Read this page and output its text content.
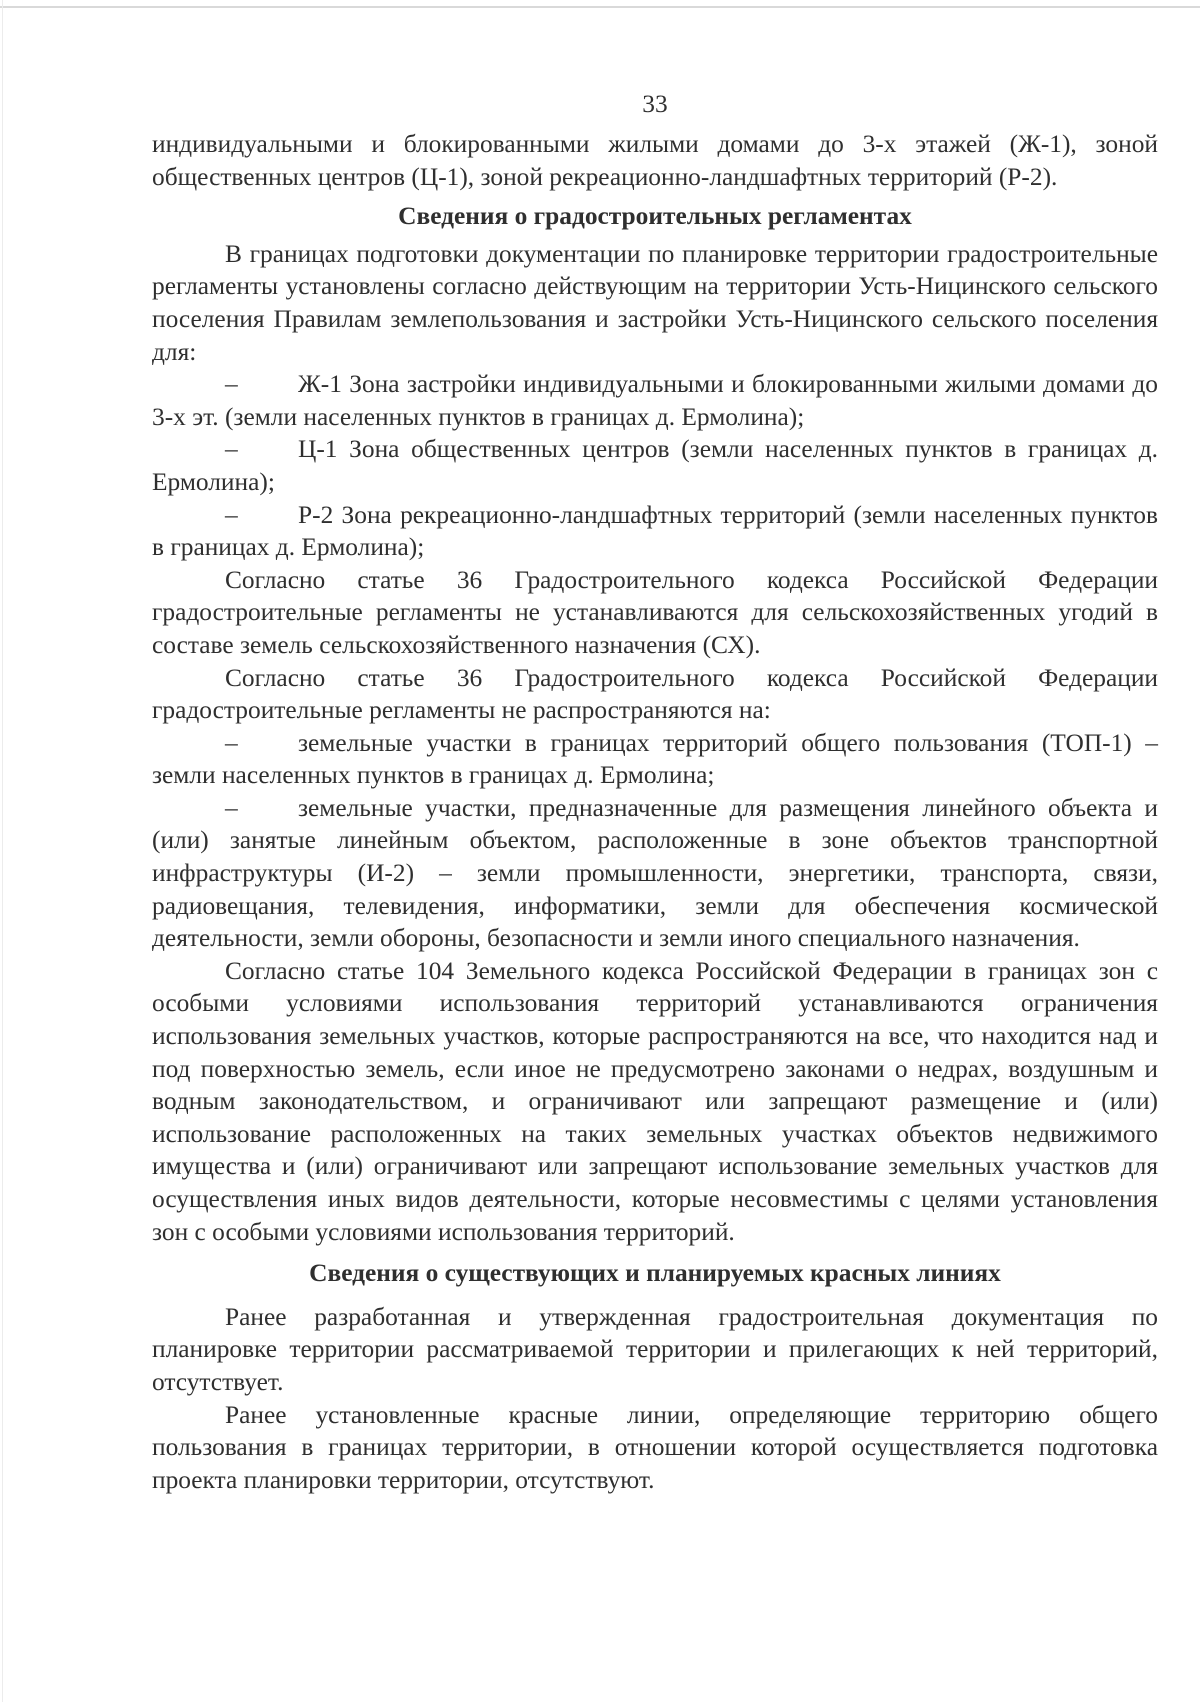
33

индивидуальными и блокированными жилыми домами до 3-х этажей (Ж-1), зоной общественных центров (Ц-1), зоной рекреационно-ландшафтных территорий (Р-2).

Сведения о градостроительных регламентах

В границах подготовки документации по планировке территории градостроительные регламенты установлены согласно действующим на территории Усть-Ницинского сельского поселения Правилам землепользования и застройки Усть-Ницинского сельского поселения для:

– Ж-1 Зона застройки индивидуальными и блокированными жилыми домами до 3-х эт. (земли населенных пунктов в границах д. Ермолина);

– Ц-1 Зона общественных центров (земли населенных пунктов в границах д. Ермолина);

– Р-2 Зона рекреационно-ландшафтных территорий (земли населенных пунктов в границах д. Ермолина);

Согласно статье 36 Градостроительного кодекса Российской Федерации градостроительные регламенты не устанавливаются для сельскохозяйственных угодий в составе земель сельскохозяйственного назначения (СХ).

Согласно статье 36 Градостроительного кодекса Российской Федерации градостроительные регламенты не распространяются на:

– земельные участки в границах территорий общего пользования (ТОП-1) – земли населенных пунктов в границах д. Ермолина;

– земельные участки, предназначенные для размещения линейного объекта и (или) занятые линейным объектом, расположенные в зоне объектов транспортной инфраструктуры (И-2) – земли промышленности, энергетики, транспорта, связи, радиовещания, телевидения, информатики, земли для обеспечения космической деятельности, земли обороны, безопасности и земли иного специального назначения.

Согласно статье 104 Земельного кодекса Российской Федерации в границах зон с особыми условиями использования территорий устанавливаются ограничения использования земельных участков, которые распространяются на все, что находится над и под поверхностью земель, если иное не предусмотрено законами о недрах, воздушным и водным законодательством, и ограничивают или запрещают размещение и (или) использование расположенных на таких земельных участках объектов недвижимого имущества и (или) ограничивают или запрещают использование земельных участков для осуществления иных видов деятельности, которые несовместимы с целями установления зон с особыми условиями использования территорий.

Сведения о существующих и планируемых красных линиях

Ранее разработанная и утвержденная градостроительная документация по планировке территории рассматриваемой территории и прилегающих к ней территорий, отсутствует.

Ранее установленные красные линии, определяющие территорию общего пользования в границах территории, в отношении которой осуществляется подготовка проекта планировки территории, отсутствуют.
